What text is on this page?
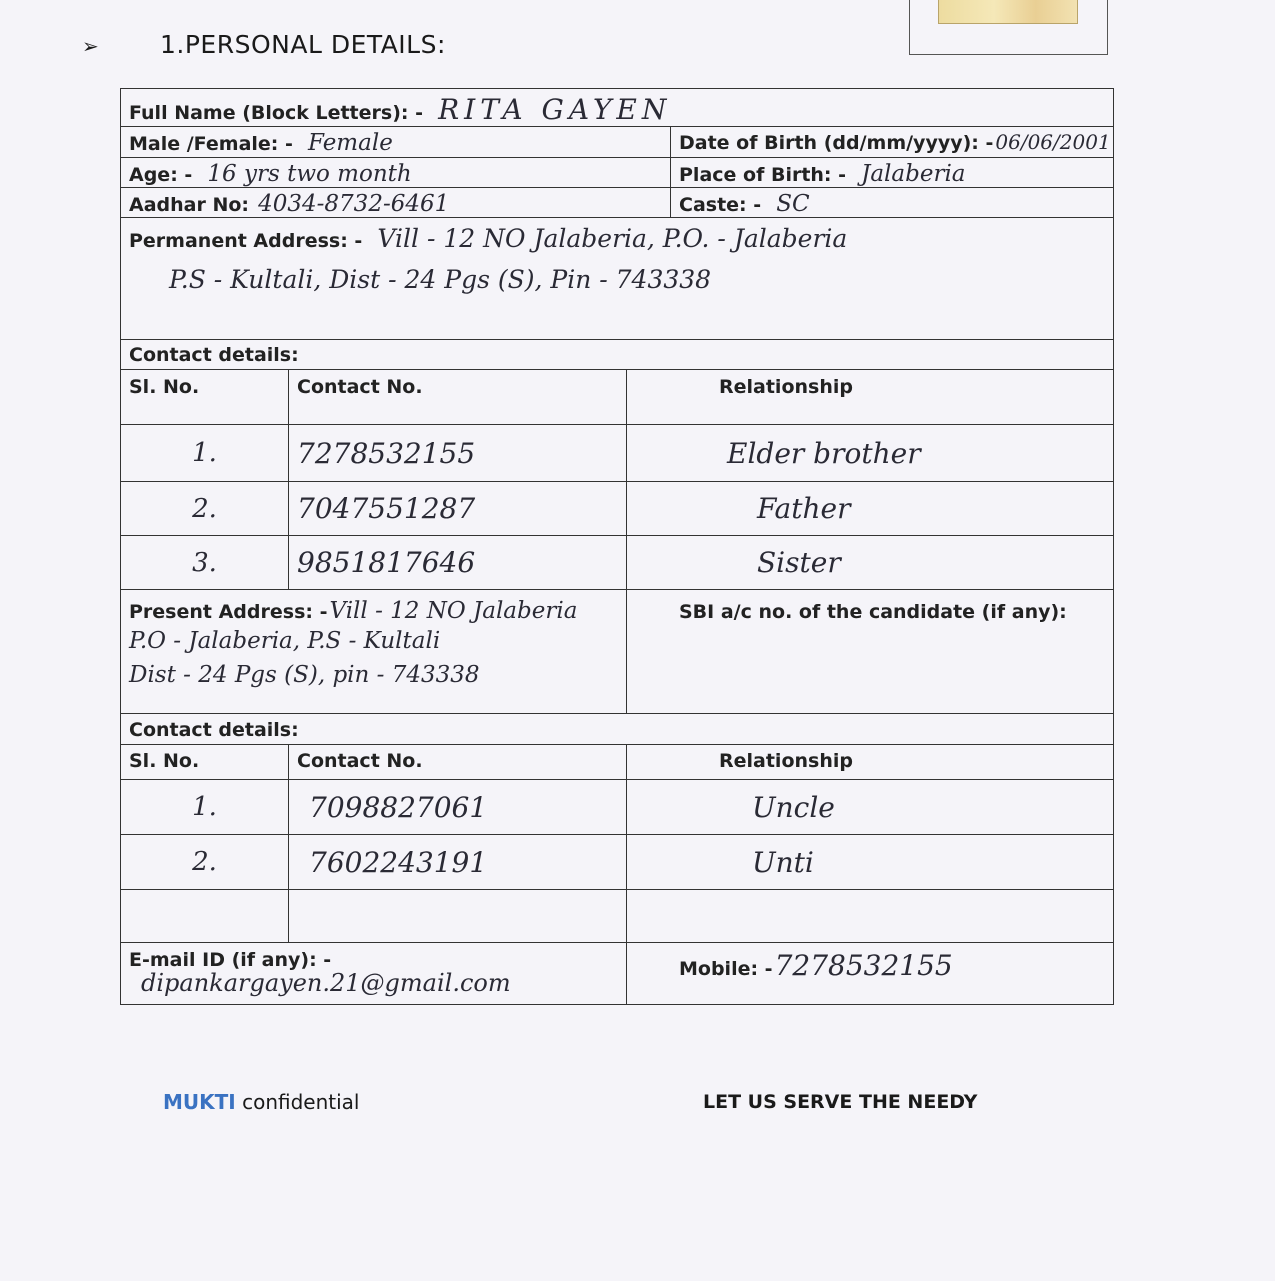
➢ 1.PERSONAL DETAILS:
Full Name (Block Letters): - RITA GAYEN			
Male /Female: - Female			Date of Birth (dd/mm/yyyy): - 06/06/2001
Age: - 16 yrs two month			Place of Birth: - Jalaberia
Aadhar No: 4034-8732-6461			Caste: - SC

Permanent Address: - Vill - 12 NO Jalaberia, P.O. - Jalaberia
P.S - Kultali, Dist - 24 Pgs (S), Pin - 743338			

Contact details:			
Sl. No.	Contact No.	Relationship	
1.	7278532155	Elder brother	
2.	7047551287	Father	
3.	9851817646	Sister	

Present Address: -Vill - 12 NO Jalaberia
P.O - Jalaberia, P.S - Kultali
Dist - 24 Pgs (S), pin - 743338		SBI a/c no. of the candidate (if any):	
Contact details:			
Sl. No.	Contact No.	Relationship	
1.	7098827061	Uncle	
2.	7602243191	Unti	

E-mail ID (if any): -
dipankargayen.21@gmail.com		Mobile: -7278532155	
MUKTI confidential	LET US SERVE THE NEEDY
